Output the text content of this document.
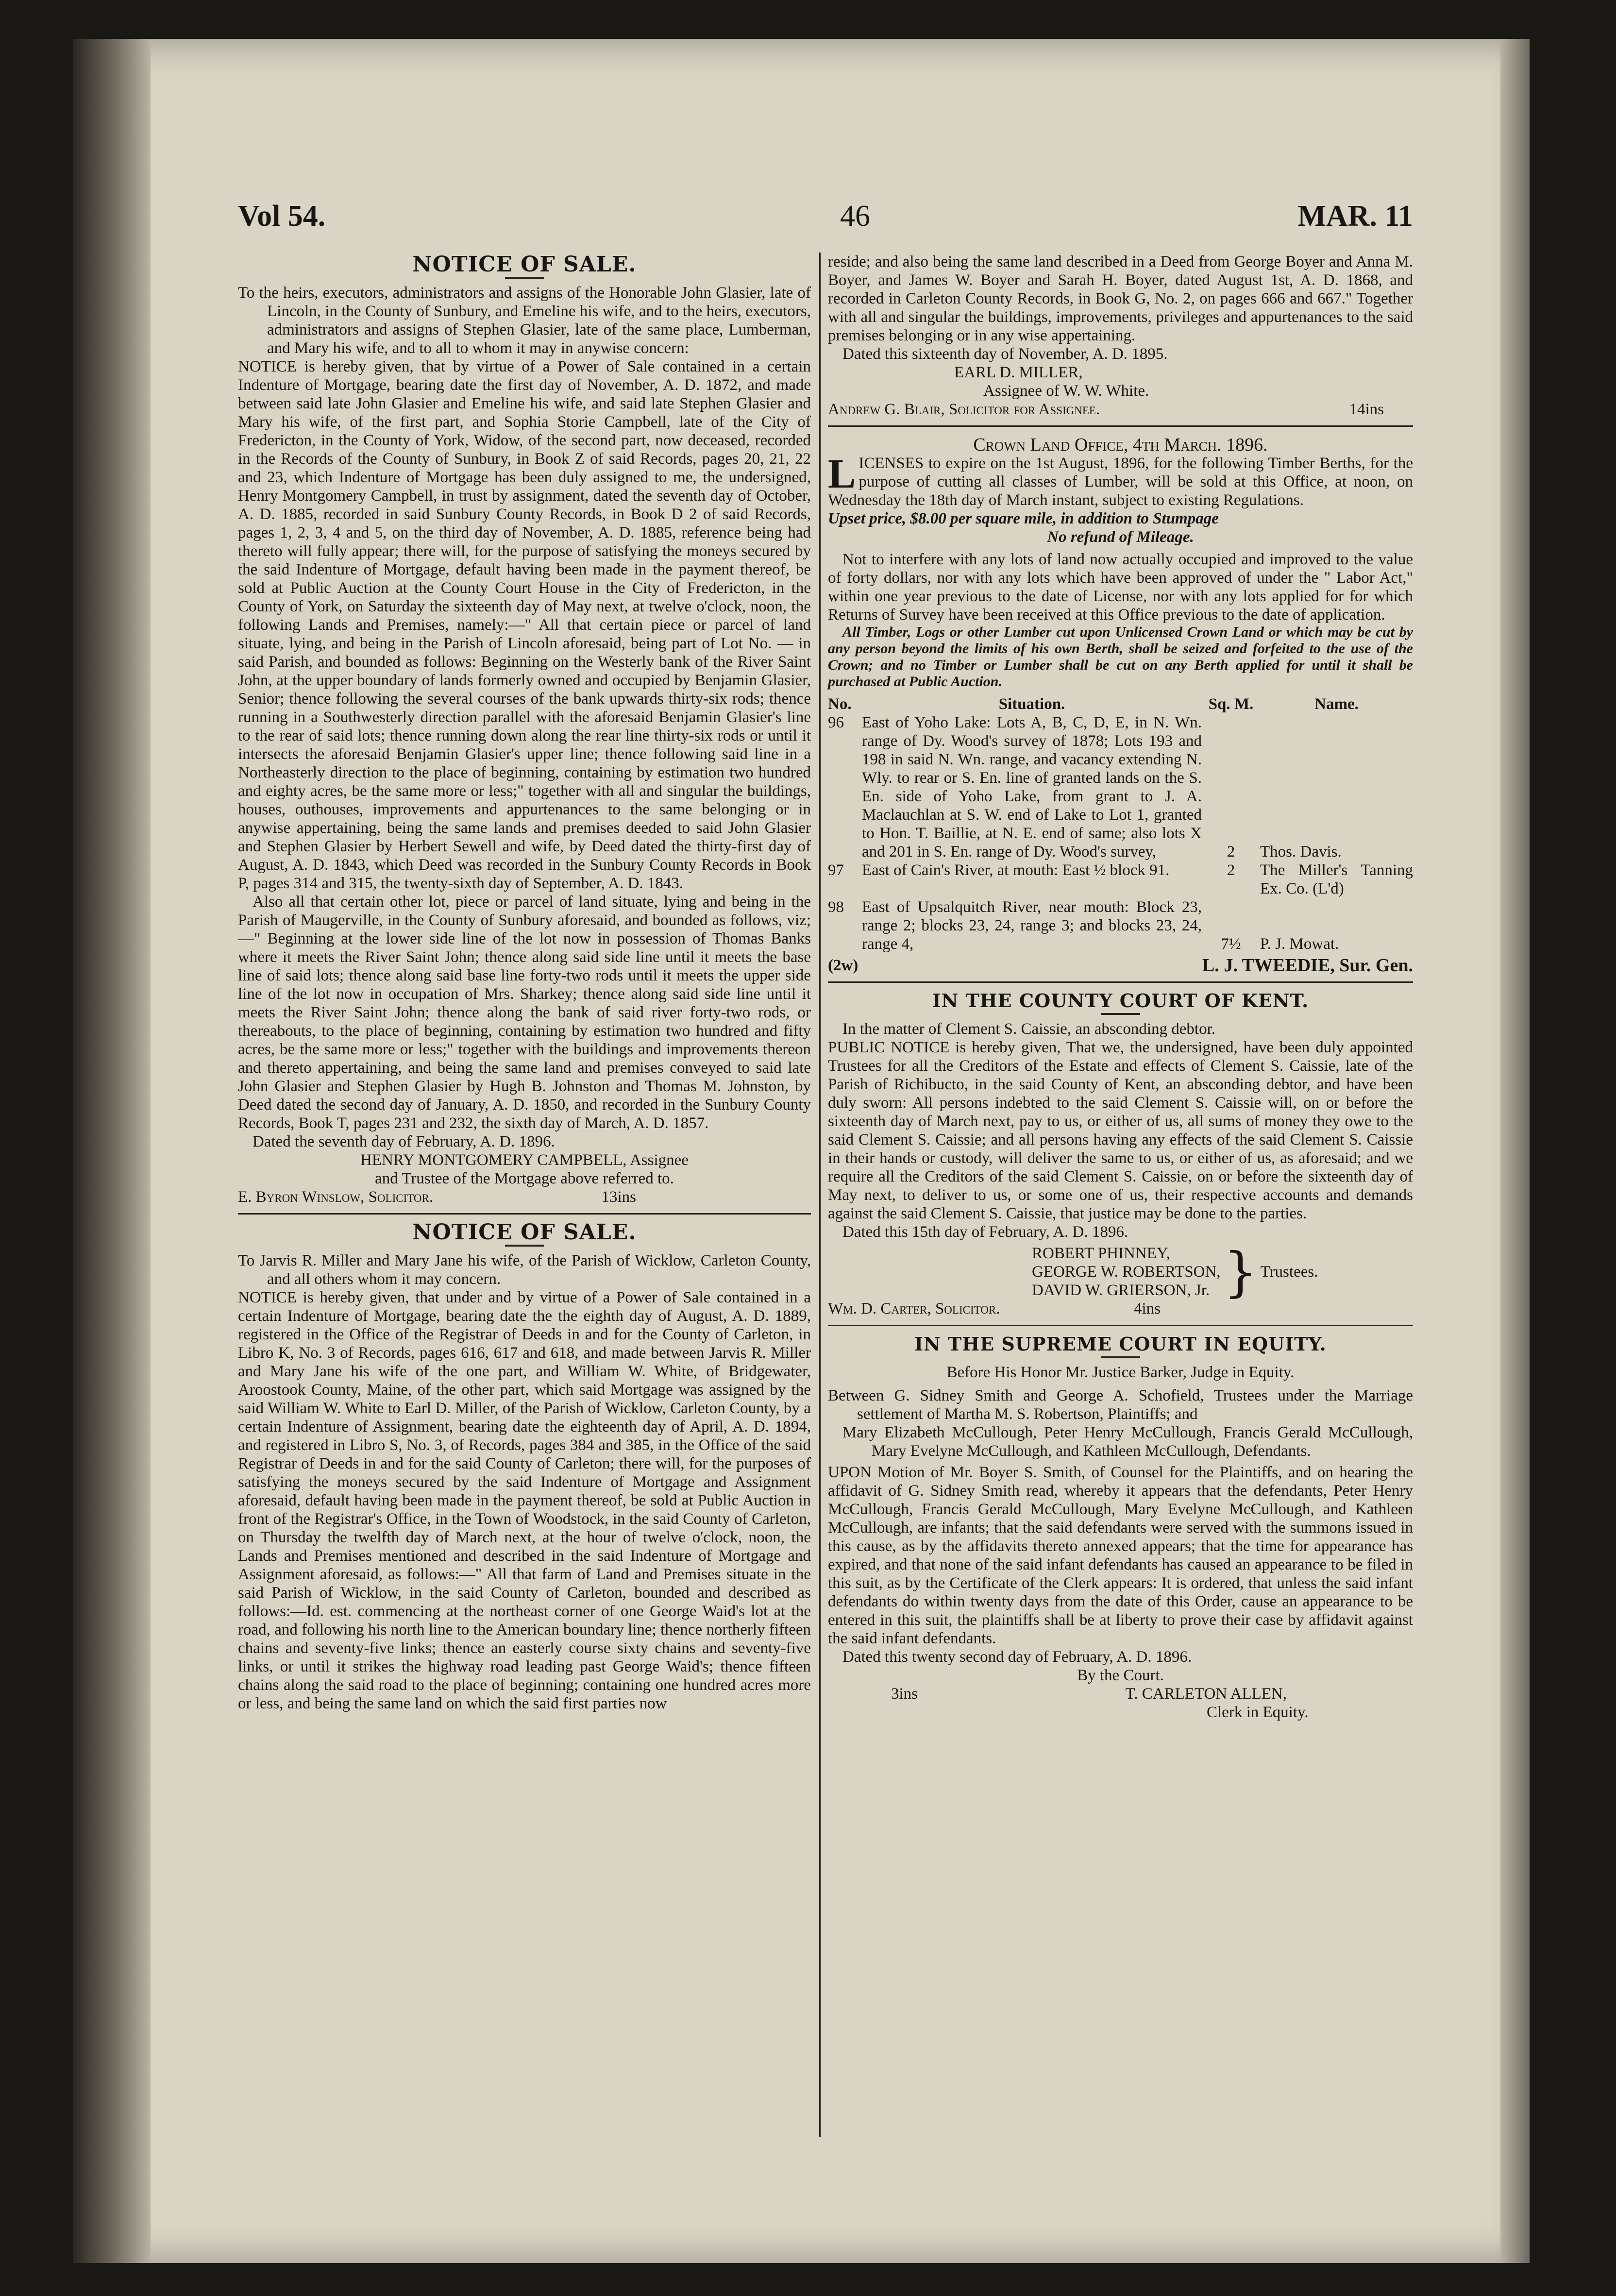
Vol 54.	46	MAR. 11
NOTICE OF SALE.

To the heirs, executors, administrators and assigns of the Honorable John Glasier, late of Lincoln, in the County of Sunbury, and Emeline his wife, and to the heirs, executors, administrators and assigns of Stephen Glasier, late of the same place, Lumberman, and Mary his wife, and to all to whom it may in anywise concern:

NOTICE is hereby given, that by virtue of a Power of Sale contained in a certain Indenture of Mortgage, bearing date the first day of November, A. D. 1872, and made between said late John Glasier and Emeline his wife, and said late Stephen Glasier and Mary his wife, of the first part, and Sophia Storie Campbell, late of the City of Fredericton, in the County of York, Widow, of the second part, now deceased, recorded in the Records of the County of Sunbury, in Book Z of said Records, pages 20, 21, 22 and 23, which Indenture of Mortgage has been duly assigned to me, the undersigned, Henry Montgomery Campbell, in trust by assignment, dated the seventh day of October, A. D. 1885, recorded in said Sunbury County Records, in Book D 2 of said Records, pages 1, 2, 3, 4 and 5, on the third day of November, A. D. 1885, reference being had thereto will fully appear; there will, for the purpose of satisfying the moneys secured by the said Indenture of Mortgage, default having been made in the payment thereof, be sold at Public Auction at the County Court House in the City of Fredericton, in the County of York, on Saturday the sixteenth day of May next, at twelve o'clock, noon, the following Lands and Premises, namely:—" All that certain piece or parcel of land situate, lying, and being in the Parish of Lincoln aforesaid, being part of Lot No. — in said Parish, and bounded as follows: Beginning on the Westerly bank of the River Saint John, at the upper boundary of lands formerly owned and occupied by Benjamin Glasier, Senior; thence following the several courses of the bank upwards thirty-six rods; thence running in a Southwesterly direction parallel with the aforesaid Benjamin Glasier's line to the rear of said lots; thence running down along the rear line thirty-six rods or until it intersects the aforesaid Benjamin Glasier's upper line; thence following said line in a Northeasterly direction to the place of beginning, containing by estimation two hundred and eighty acres, be the same more or less;" together with all and singular the buildings, houses, outhouses, improvements and appurtenances to the same belonging or in anywise appertaining, being the same lands and premises deeded to said John Glasier and Stephen Glasier by Herbert Sewell and wife, by Deed dated the thirty-first day of August, A. D. 1843, which Deed was recorded in the Sunbury County Records in Book P, pages 314 and 315, the twenty-sixth day of September, A. D. 1843.

Also all that certain other lot, piece or parcel of land situate, lying and being in the Parish of Maugerville, in the County of Sunbury aforesaid, and bounded as follows, viz;—" Beginning at the lower side line of the lot now in possession of Thomas Banks where it meets the River Saint John; thence along said side line until it meets the base line of said lots; thence along said base line forty-two rods until it meets the upper side line of the lot now in occupation of Mrs. Sharkey; thence along said side line until it meets the River Saint John; thence along the bank of said river forty-two rods, or thereabouts, to the place of beginning, containing by estimation two hundred and fifty acres, be the same more or less;" together with the buildings and improvements thereon and thereto appertaining, and being the same land and premises conveyed to said late John Glasier and Stephen Glasier by Hugh B. Johnston and Thomas M. Johnston, by Deed dated the second day of January, A. D. 1850, and recorded in the Sunbury County Records, Book T, pages 231 and 232, the sixth day of March, A. D. 1857.

Dated the seventh day of February, A. D. 1896.

HENRY MONTGOMERY CAMPBELL, Assignee

and Trustee of the Mortgage above referred to.

E. Byron Winslow, Solicitor.	13ins
NOTICE OF SALE.

To Jarvis R. Miller and Mary Jane his wife, of the Parish of Wicklow, Carleton County, and all others whom it may concern.

NOTICE is hereby given, that under and by virtue of a Power of Sale contained in a certain Indenture of Mortgage, bearing date the the eighth day of August, A. D. 1889, registered in the Office of the Registrar of Deeds in and for the County of Carleton, in Libro K, No. 3 of Records, pages 616, 617 and 618, and made between Jarvis R. Miller and Mary Jane his wife of the one part, and William W. White, of Bridgewater, Aroostook County, Maine, of the other part, which said Mortgage was assigned by the said William W. White to Earl D. Miller, of the Parish of Wicklow, Carleton County, by a certain Indenture of Assignment, bearing date the eighteenth day of April, A. D. 1894, and registered in Libro S, No. 3, of Records, pages 384 and 385, in the Office of the said Registrar of Deeds in and for the said County of Carleton; there will, for the purposes of satisfying the moneys secured by the said Indenture of Mortgage and Assignment aforesaid, default having been made in the payment thereof, be sold at Public Auction in front of the Registrar's Office, in the Town of Woodstock, in the said County of Carleton, on Thursday the twelfth day of March next, at the hour of twelve o'clock, noon, the Lands and Premises mentioned and described in the said Indenture of Mortgage and Assignment aforesaid, as follows:—" All that farm of Land and Premises situate in the said Parish of Wicklow, in the said County of Carleton, bounded and described as follows:—Id. est. commencing at the northeast corner of one George Waid's lot at the road, and following his north line to the American boundary line; thence northerly fifteen chains and seventy-five links; thence an easterly course sixty chains and seventy-five links, or until it strikes the highway road leading past George Waid's; thence fifteen chains along the said road to the place of beginning; containing one hundred acres more or less, and being the same land on which the said first parties now

reside; and also being the same land described in a Deed from George Boyer and Anna M. Boyer, and James W. Boyer and Sarah H. Boyer, dated August 1st, A. D. 1868, and recorded in Carleton County Records, in Book G, No. 2, on pages 666 and 667." Together with all and singular the buildings, improvements, privileges and appurtenances to the said premises belonging or in any wise appertaining.

Dated this sixteenth day of November, A. D. 1895.

EARL D. MILLER,

Assignee of W. W. White.

Andrew G. Blair, Solicitor for Assignee.	14ins

Crown Land Office, 4th March. 1896.

LICENSES to expire on the 1st August, 1896, for the following Timber Berths, for the purpose of cutting all classes of Lumber, will be sold at this Office, at noon, on Wednesday the 18th day of March instant, subject to existing Regulations.

Upset price, $8.00 per square mile, in addition to Stumpage

No refund of Mileage.

Not to interfere with any lots of land now actually occupied and improved to the value of forty dollars, nor with any lots which have been approved of under the " Labor Act," within one year previous to the date of License, nor with any lots applied for for which Returns of Survey have been received at this Office previous to the date of application.

All Timber, Logs or other Lumber cut upon Unlicensed Crown Land or which may be cut by any person beyond the limits of his own Berth, shall be seized and forfeited to the use of the Crown; and no Timber or Lumber shall be cut on any Berth applied for until it shall be purchased at Public Auction.

No.	Situation.	Sq. M.	Name.
96	East of Yoho Lake: Lots A, B, C, D, E, in N. Wn. range of Dy. Wood's survey of 1878; Lots 193 and 198 in said N. Wn. range, and vacancy extending N. Wly. to rear or S. En. line of granted lands on the S. En. side of Yoho Lake, from grant to J. A. Maclauchlan at S. W. end of Lake to Lot 1, granted to Hon. T. Baillie, at N. E. end of same; also lots X and 201 in S. En. range of Dy. Wood's survey,	2	Thos. Davis.
97	East of Cain's River, at mouth: East ½ block 91.	2	The Miller's Tanning Ex. Co. (L'd)
98	East of Upsalquitch River, near mouth: Block 23, range 2; blocks 23, 24, range 3; and blocks 23, 24, range 4,	7½	P. J. Mowat.
(2w)	L. J. TWEEDIE, Sur. Gen.
IN THE COUNTY COURT OF KENT.

In the matter of Clement S. Caissie, an absconding debtor.

PUBLIC NOTICE is hereby given, That we, the undersigned, have been duly appointed Trustees for all the Creditors of the Estate and effects of Clement S. Caissie, late of the Parish of Richibucto, in the said County of Kent, an absconding debtor, and have been duly sworn: All persons indebted to the said Clement S. Caissie will, on or before the sixteenth day of March next, pay to us, or either of us, all sums of money they owe to the said Clement S. Caissie; and all persons having any effects of the said Clement S. Caissie in their hands or custody, will deliver the same to us, or either of us, as aforesaid; and we require all the Creditors of the said Clement S. Caissie, on or before the sixteenth day of May next, to deliver to us, or some one of us, their respective accounts and demands against the said Clement S. Caissie, that justice may be done to the parties.

Dated this 15th day of February, A. D. 1896.

ROBERT PHINNEY,

GEORGE W. ROBERTSON,

DAVID W. GRIERSON, Jr. } Trustees.
Wm. D. Carter, Solicitor.	4ins
IN THE SUPREME COURT IN EQUITY.

Before His Honor Mr. Justice Barker, Judge in Equity.

Between G. Sidney Smith and George A. Schofield, Trustees under the Marriage settlement of Martha M. S. Robertson, Plaintiffs; and

Mary Elizabeth McCullough, Peter Henry McCullough, Francis Gerald McCullough, Mary Evelyne McCullough, and Kathleen McCullough, Defendants.

UPON Motion of Mr. Boyer S. Smith, of Counsel for the Plaintiffs, and on hearing the affidavit of G. Sidney Smith read, whereby it appears that the defendants, Peter Henry McCullough, Francis Gerald McCullough, Mary Evelyne McCullough, and Kathleen McCullough, are infants; that the said defendants were served with the summons issued in this cause, as by the affidavits thereto annexed appears; that the time for appearance has expired, and that none of the said infant defendants has caused an appearance to be filed in this suit, as by the Certificate of the Clerk appears: It is ordered, that unless the said infant defendants do within twenty days from the date of this Order, cause an appearance to be entered in this suit, the plaintiffs shall be at liberty to prove their case by affidavit against the said infant defendants.

Dated this twenty second day of February, A. D. 1896.

By the Court.

3ins	T. CARLETON ALLEN,

Clerk in Equity.
